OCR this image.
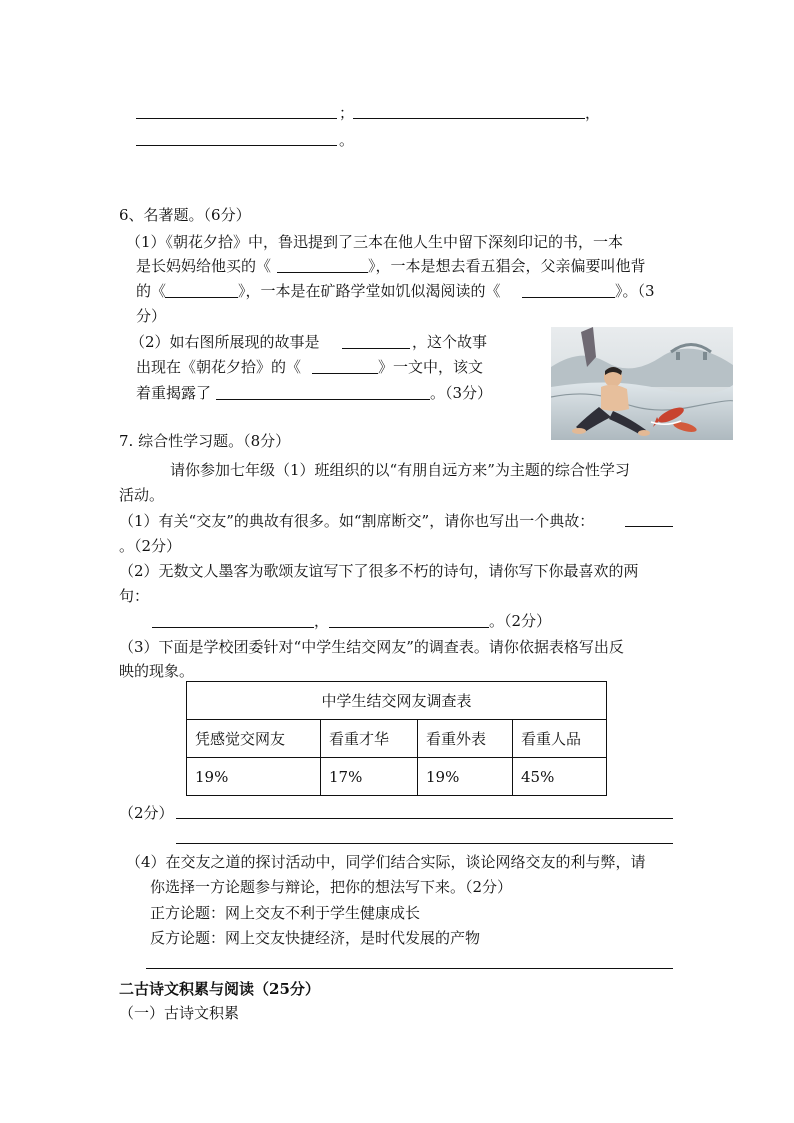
；	，
。
6、名著题。（6分）
（1）《朝花夕拾》中，鲁迅提到了三本在他人生中留下深刻印记的书，一本
是长妈妈给他买的《	》，一本是想去看五猖会，父亲偏要叫他背
的《	》，一本是在矿路学堂如饥似渴阅读的《	》。（3
分）
（2）如右图所展现的故事是	，这个故事
出现在《朝花夕拾》的《	》一文中，该文
着重揭露了	。（3分）
7. 综合性学习题。（8分）
请你参加七年级（1）班组织的以“有朋自远方来”为主题的综合性学习
活动。
（1）有关“交友”的典故有很多。如“割席断交”，请你也写出一个典故：
。（2分）
（2）无数文人墨客为歌颂友谊写下了很多不朽的诗句，请你写下你最喜欢的两
句：
，	。（2分）
（3）下面是学校团委针对“中学生结交网友”的调查表。请你依据表格写出反
映的现象。
中学生结交网友调查表			
凭感觉交网友	看重才华	看重外表	看重人品
19%	17%	19%	45%
（2分）
（4）在交友之道的探讨活动中，同学们结合实际，谈论网络交友的利与弊，请
你选择一方论题参与辩论，把你的想法写下来。（2分）
正方论题：网上交友不利于学生健康成长
反方论题：网上交友快捷经济，是时代发展的产物
二古诗文积累与阅读（25分）
（一）古诗文积累
